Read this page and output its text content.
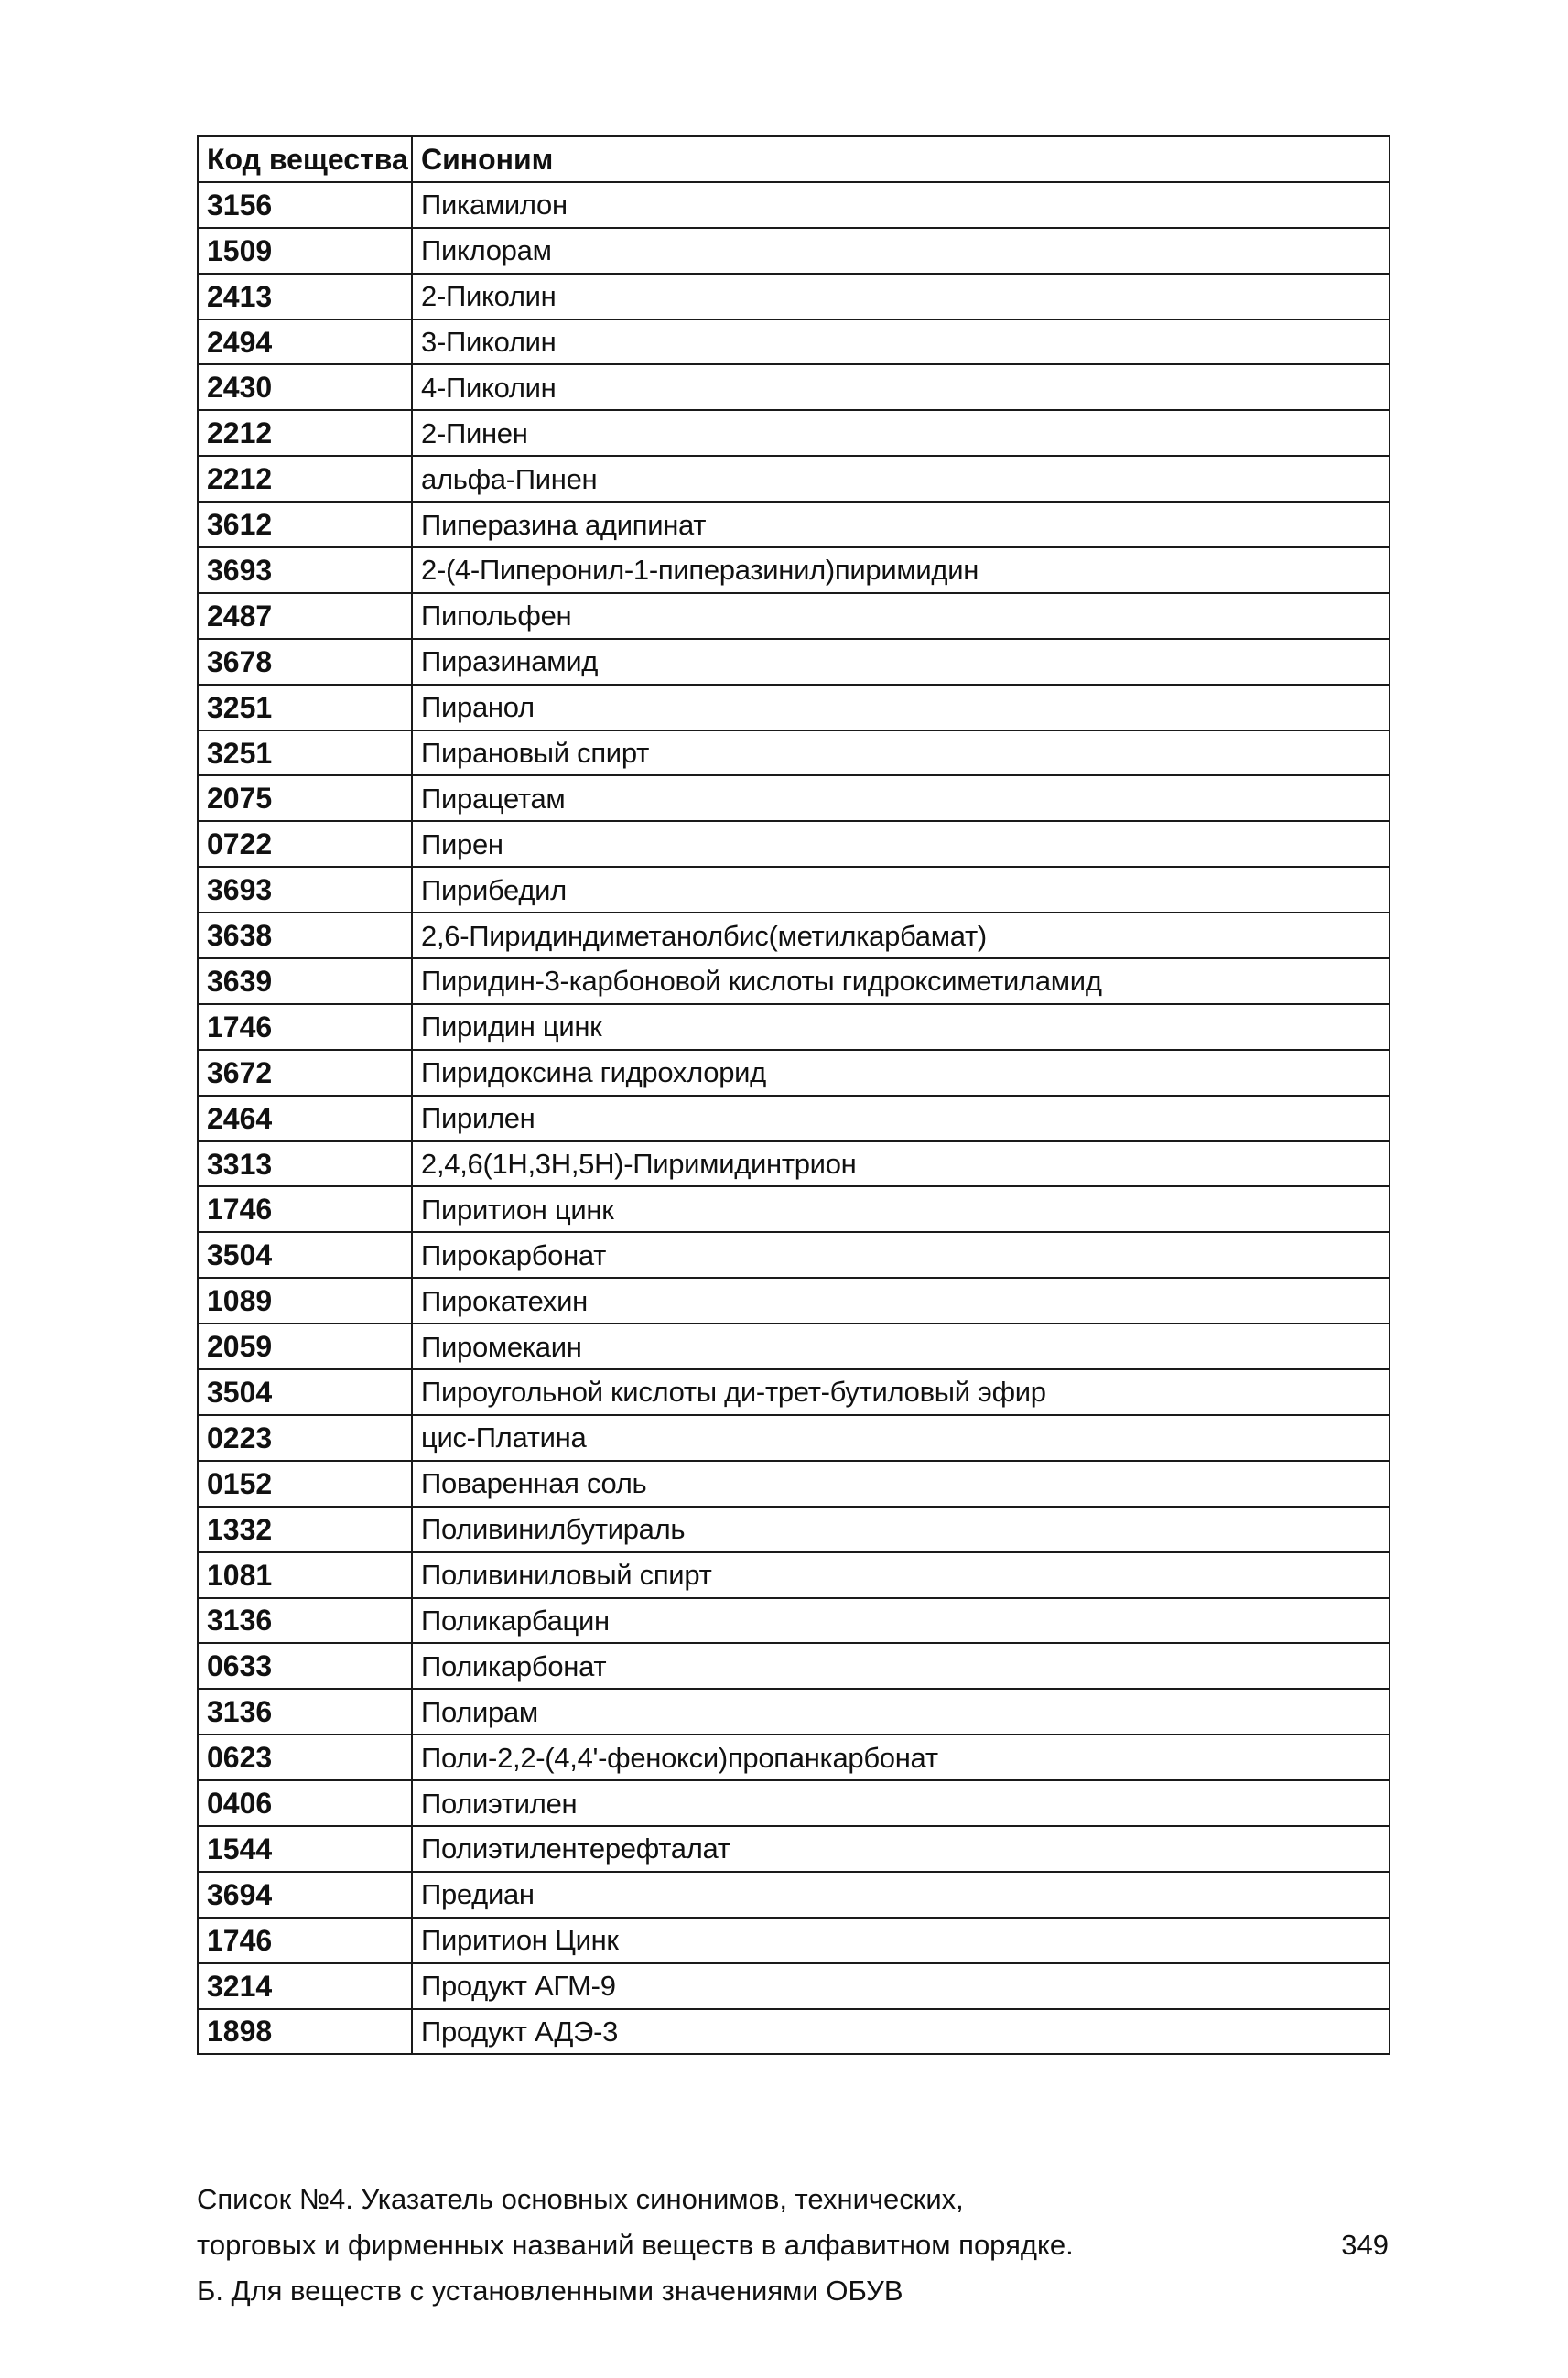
Код вещества	Синоним
3156	Пикамилон
1509	Пиклорам
2413	2-Пиколин
2494	3-Пиколин
2430	4-Пиколин
2212	2-Пинен
2212	альфа-Пинен
3612	Пиперазина адипинат
3693	2-(4-Пиперонил-1-пиперазинил)пиримидин
2487	Пипольфен
3678	Пиразинамид
3251	Пиранол
3251	Пирановый спирт
2075	Пирацетам
0722	Пирен
3693	Пирибедил
3638	2,6-Пиридиндиметанолбис(метилкарбамат)
3639	Пиридин-3-карбоновой кислоты гидроксиметиламид
1746	Пиридин цинк
3672	Пиридоксина гидрохлорид
2464	Пирилен
3313	2,4,6(1Н,3Н,5Н)-Пиримидинтрион
1746	Пиритион цинк
3504	Пирокарбонат
1089	Пирокатехин
2059	Пиромекаин
3504	Пироугольной кислоты ди-трет-бутиловый эфир
0223	цис-Платина
0152	Поваренная соль
1332	Поливинилбутираль
1081	Поливиниловый спирт
3136	Поликарбацин
0633	Поликарбонат
3136	Полирам
0623	Поли-2,2-(4,4'-фенокси)пропанкарбонат
0406	Полиэтилен
1544	Полиэтилентерефталат
3694	Предиан
1746	Пиритион Цинк
3214	Продукт АГМ-9
1898	Продукт АДЭ-3
Список №4. Указатель основных синонимов, технических,
торговых и фирменных названий веществ в алфавитном порядке.
Б. Для веществ с установленными значениями ОБУВ
349
